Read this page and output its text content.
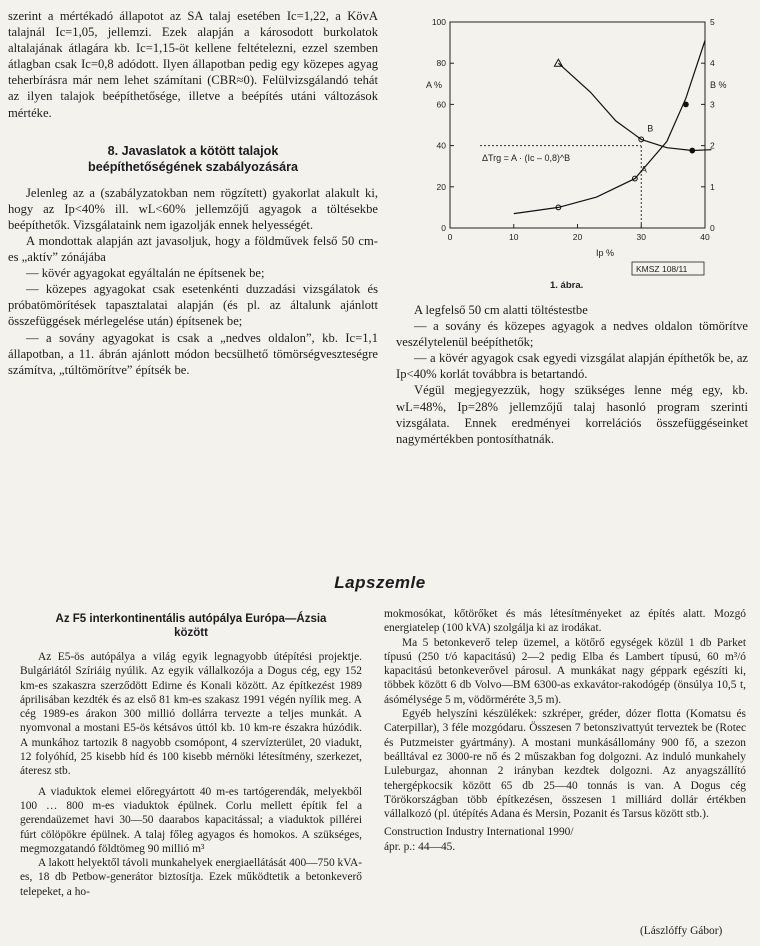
szerint a mértékadó állapotot az SA talaj esetében Ic=1,22, a KövA talajnál Ic=1,05, jellemzi. Ezek alapján a károsodott burkolatok altalajának átlagára kb. Ic=1,15-öt kellene feltételezni, ezzel szemben átlagban csak Ic=0,8 adódott. Ilyen állapotban pedig egy közepes agyag teherbírásra már nem lehet számítani (CBR≈0). Felülvizsgálandó tehát az ilyen talajok beépíthetősége, illetve a beépítés utáni változások mértéke.

8. Javaslatok a kötött talajok
beépíthetőségének szabályozására

Jelenleg az a (szabályzatokban nem rögzített) gyakorlat alakult ki, hogy az Ip<40% ill. wL<60% jellemzőjű agyagok a töltésekbe beépíthetők. Vizsgálataink nem igazolják ennek helyességét.

A mondottak alapján azt javasoljuk, hogy a földművek felső 50 cm-es „aktív” zónájába

— kövér agyagokat egyáltalán ne építsenek be;

— közepes agyagokat csak esetenkénti duzzadási vizsgálatok és próbatömörítések tapasztalatai alapján (és pl. az általunk ajánlott összefüggések mérlegelése után) építsenek be;

— a sovány agyagokat is csak a „nedves oldalon”, kb. Ic=1,1 állapotban, a 11. ábrán ajánlott módon becsülhető tömörségveszteségre számítva, „túltömörítve” építsék be.

0
20
40
60
80
100
0
1
2
3
4
5
0	10	20	30	40
A
B
A %	B %
Ip %
ΔTrg = A · (Ic – 0,8)^B
KMSZ 108/11
1. ábra.

A legfelső 50 cm alatti töltéstestbe

— a sovány és közepes agyagok a nedves oldalon tömörítve veszélytelenül beépíthetők;

— a kövér agyagok csak egyedi vizsgálat alapján építhetők be, az Ip<40% korlát továbbra is betartandó.

Végül megjegyezzük, hogy szükséges lenne még egy, kb. wL=48%, Ip=28% jellemzőjű talaj hasonló program szerinti vizsgálata. Ennek eredményei korrelációs összefüggéseinket nagymértékben pontosíthatnák.

Lapszemle
Az F5 interkontinentális autópálya Európa—Ázsia
között

Az E5-ös autópálya a világ egyik legnagyobb útépítési projektje. Bulgáriától Szíriáig nyúlik. Az egyik vállalkozója a Dogus cég, egy 152 km-es szakaszra szerződött Edirne és Konali között. Az építkezést 1989 áprilisában kezdték és az első 81 km-es szakasz 1991 végén nyílik meg. A cég 1989-es árakon 300 millió dollárra tervezte a teljes munkát. A nyomvonal a mostani E5-ös kétsávos úttól kb. 10 km-re északra húzódik. A munkához tartozik 8 nagyobb csomópont, 4 szervízterület, 20 viadukt, 12 folyóhíd, 25 kisebb híd és 100 kisebb mérnöki létesítmény, szerkezet, áteresz stb.

A viaduktok elemei előregyártott 40 m-es tartógerendák, melyekből 100 … 800 m-es viaduktok épülnek. Corlu mellett építik fel a gerendaüzemet havi 30—50 daarabos kapacitással; a viaduktok pillérei fúrt cölöpökre épülnek. A talaj főleg agyagos és homokos. A szükséges, megmozgatandó földtömeg 90 millió m³

A lakott helyektől távoli munkahelyek energiaellátását 400—750 kVA-es, 18 db Petbow-generátor biztosítja. Ezek működtetik a betonkeverő telepeket, a ho-

mokmosókat, kőtörőket és más létesítményeket az építés alatt. Mozgó energiatelep (100 kVA) szolgálja ki az irodákat.

Ma 5 betonkeverő telep üzemel, a kötőrő egységek közül 1 db Parket típusú (250 t/ó kapacitású) 2—2 pedig Elba és Lambert típusú, 60 m³/ó kapacitású betonkeverővel párosul. A munkákat nagy géppark egészíti ki, többek között 6 db Volvo—BM 6300-as exkavátor-rakodógép (önsúlya 10,5 t, ásómélysége 5 m, vödörméréte 3,5 m).

Egyéb helyszíni készülékek: szkréper, gréder, dózer flotta (Komatsu és Caterpillar), 3 féle mozgódaru. Összesen 7 betonszivattyút terveztek be (Rotec és Putzmeister gyártmány). A mostani munkásállomány 900 fő, a szezon beálltával ez 3000-re nő és 2 műszakban fog dolgozni. Az induló munkahely Luleburgaz, ahonnan 2 irányban kezdtek dolgozni. Az anyagszállító tehergépkocsik között 65 db 25—40 tonnás is van. A Dogus cég Törökországban több építkezésen, összesen 1 milliárd dollár értékben vállalkozó (pl. útépítés Adana és Mersin, Pozanit és Tarsus között stb.).

Construction Industry International 1990/ápr. p.: 44—45.

(Lászlóffy Gábor)
